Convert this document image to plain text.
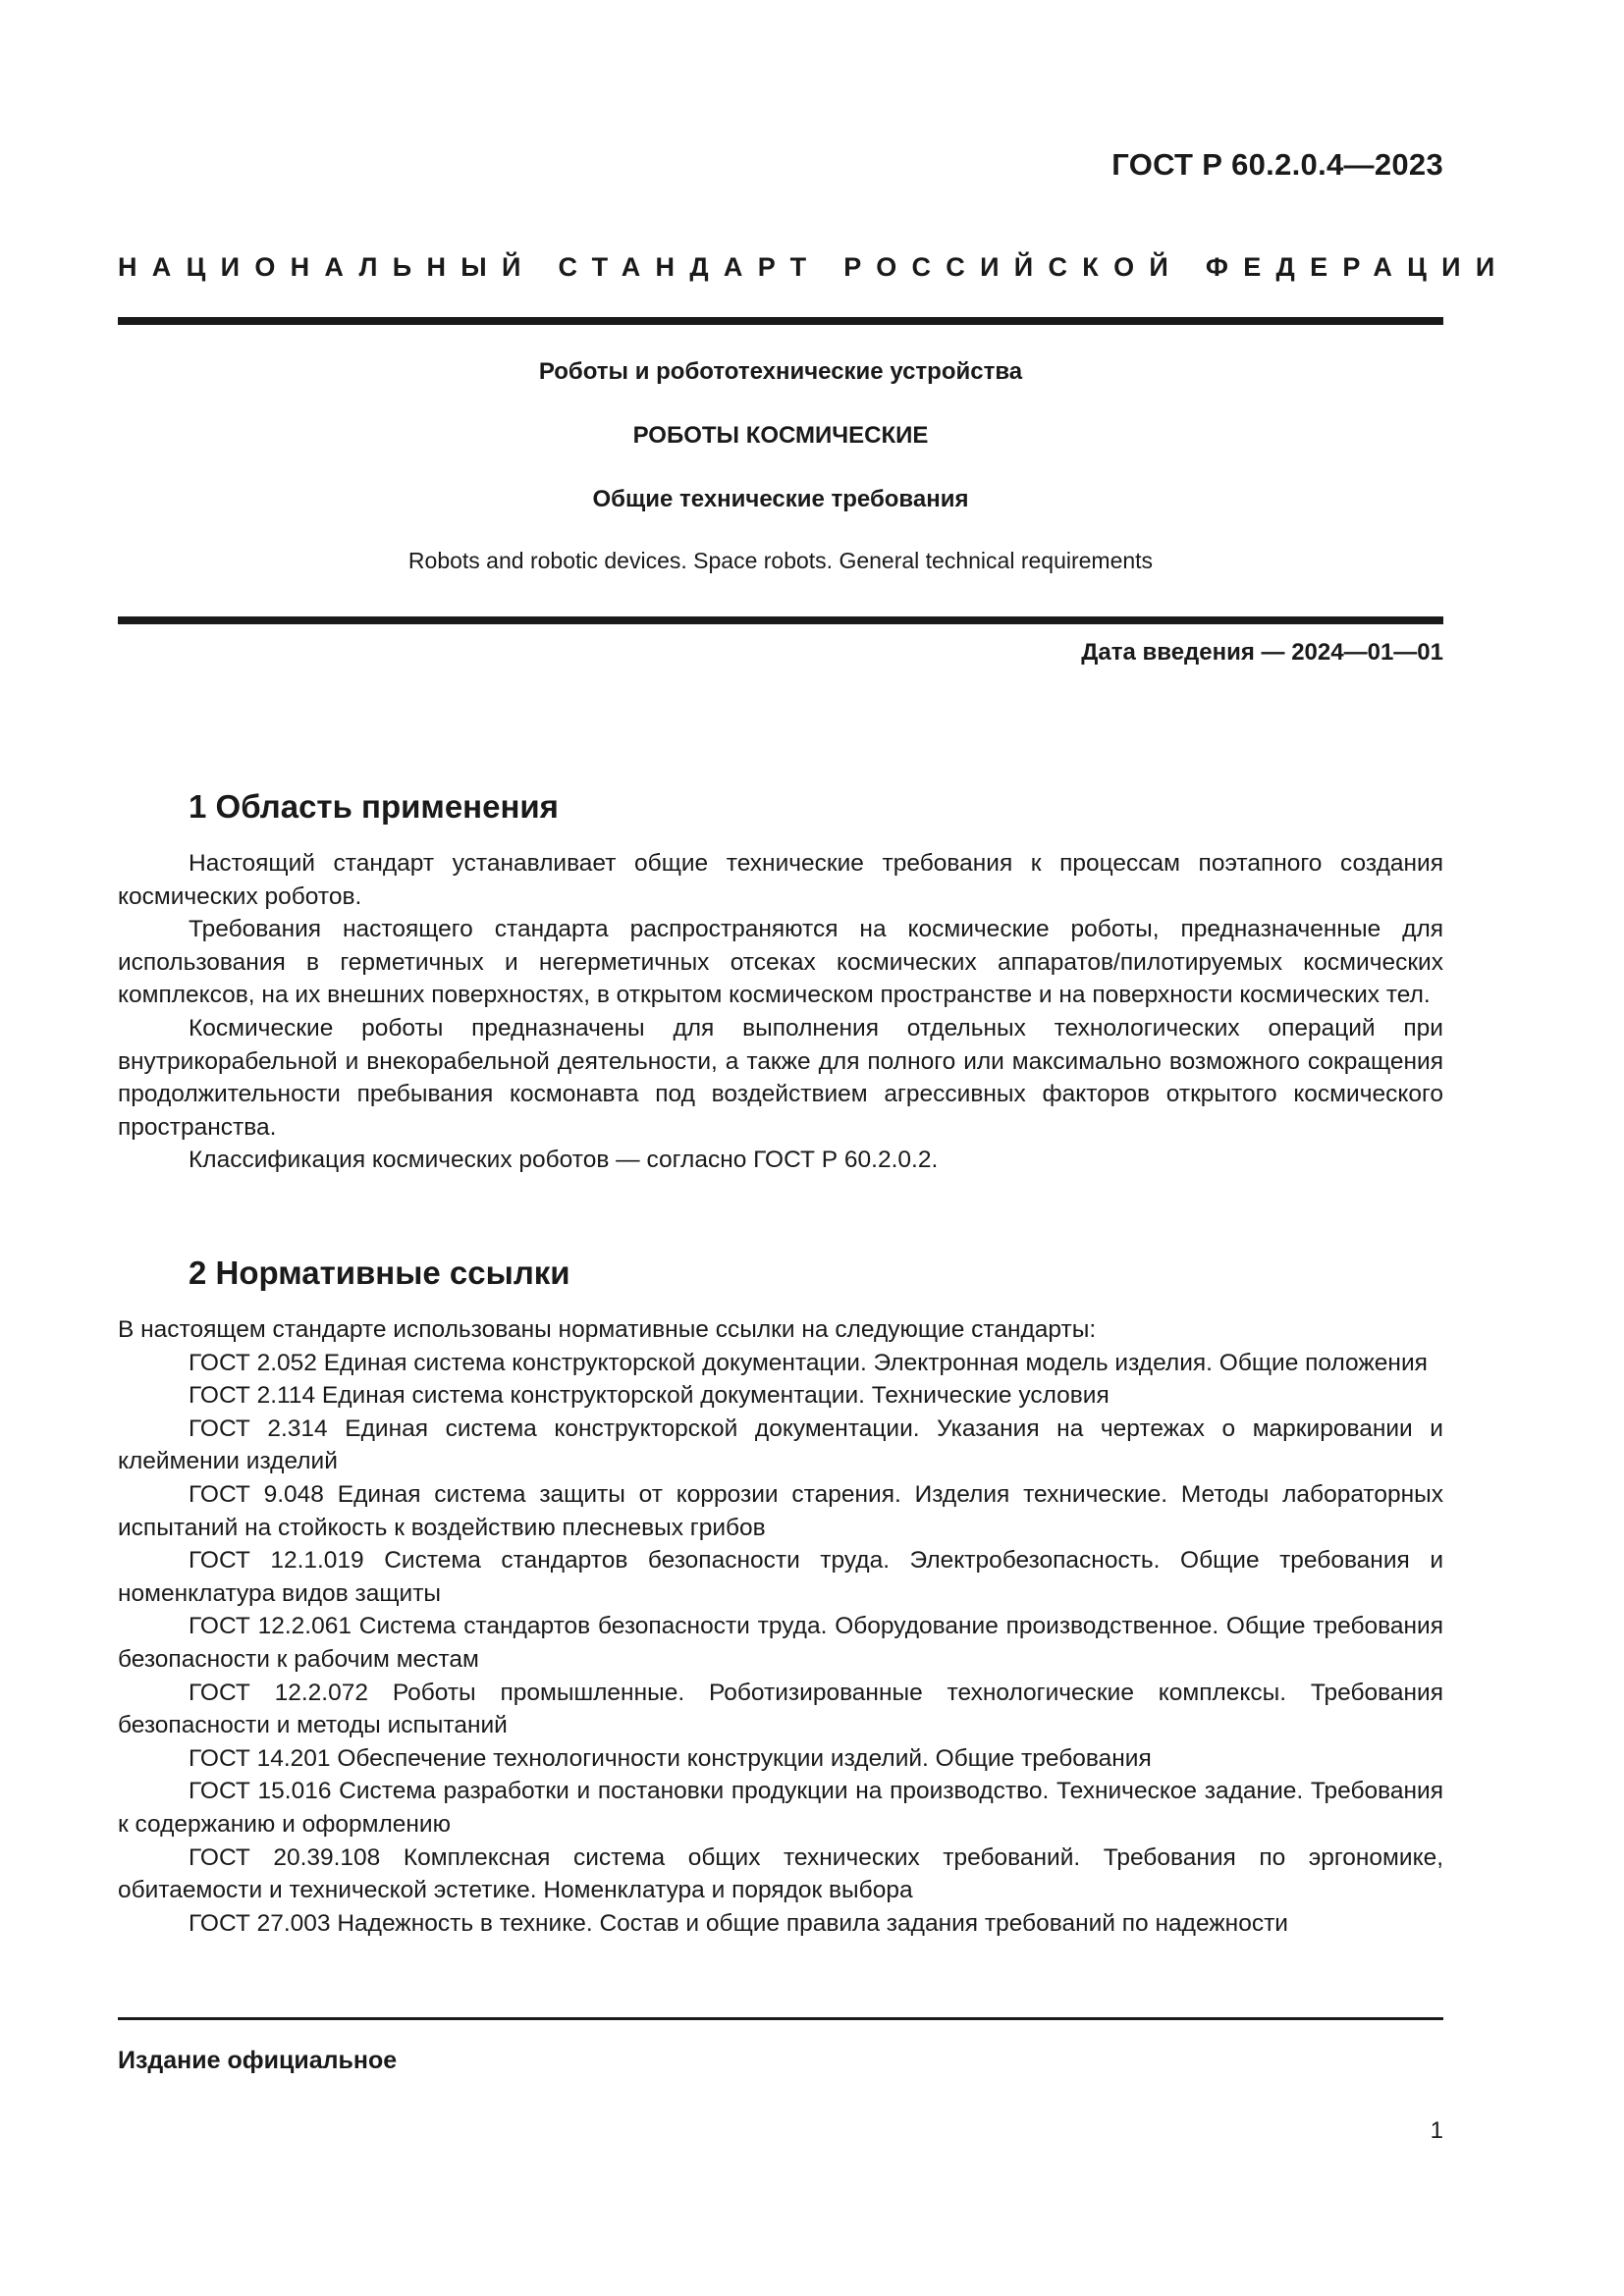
ГОСТ Р 60.2.0.4—2023
НАЦИОНАЛЬНЫЙ СТАНДАРТ РОССИЙСКОЙ ФЕДЕРАЦИИ
Роботы и робототехнические устройства
РОБОТЫ КОСМИЧЕСКИЕ
Общие технические требования
Robots and robotic devices. Space robots. General technical requirements
Дата введения — 2024—01—01
1 Область применения

Настоящий стандарт устанавливает общие технические требования к процессам поэтапного создания космических роботов.

Требования настоящего стандарта распространяются на космические роботы, предназначенные для использования в герметичных и негерметичных отсеках космических аппаратов/пилотируемых космических комплексов, на их внешних поверхностях, в открытом космическом пространстве и на поверхности космических тел.

Космические роботы предназначены для выполнения отдельных технологических операций при внутрикорабельной и внекорабельной деятельности, а также для полного или максимально возможного сокращения продолжительности пребывания космонавта под воздействием агрессивных факторов открытого космического пространства.

Классификация космических роботов — согласно ГОСТ Р 60.2.0.2.

2 Нормативные ссылки

В настоящем стандарте использованы нормативные ссылки на следующие стандарты:

ГОСТ 2.052 Единая система конструкторской документации. Электронная модель изделия. Общие положения

ГОСТ 2.114 Единая система конструкторской документации. Технические условия

ГОСТ 2.314 Единая система конструкторской документации. Указания на чертежах о маркировании и клеймении изделий

ГОСТ 9.048 Единая система защиты от коррозии старения. Изделия технические. Методы лабораторных испытаний на стойкость к воздействию плесневых грибов

ГОСТ 12.1.019 Система стандартов безопасности труда. Электробезопасность. Общие требования и номенклатура видов защиты

ГОСТ 12.2.061 Система стандартов безопасности труда. Оборудование производственное. Общие требования безопасности к рабочим местам

ГОСТ 12.2.072 Роботы промышленные. Роботизированные технологические комплексы. Требования безопасности и методы испытаний

ГОСТ 14.201 Обеспечение технологичности конструкции изделий. Общие требования

ГОСТ 15.016 Система разработки и постановки продукции на производство. Техническое задание. Требования к содержанию и оформлению

ГОСТ 20.39.108 Комплексная система общих технических требований. Требования по эргономике, обитаемости и технической эстетике. Номенклатура и порядок выбора

ГОСТ 27.003 Надежность в технике. Состав и общие правила задания требований по надежности

Издание официальное
1
